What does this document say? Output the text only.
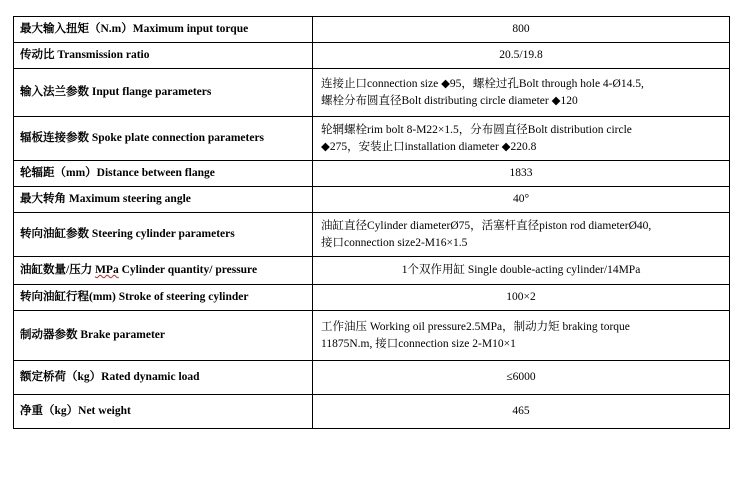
最大输入扭矩（N.m）Maximum input torque	800
传动比 Transmission ratio	20.5/19.8
输入法兰参数 Input flange parameters	连接止口connection size ◆95，螺栓过孔Bolt through hole 4-Ø14.5,
螺栓分布圆直径Bolt distributing circle diameter ◆120
辐板连接参数 Spoke plate connection parameters	轮辋螺栓rim bolt 8-M22×1.5，分布圆直径Bolt distribution circle
◆275，安装止口installation diameter ◆220.8
轮辐距（mm）Distance between flange	1833
最大转角 Maximum steering angle	40°
转向油缸参数 Steering cylinder parameters	油缸直径Cylinder diameterØ75，活塞杆直径piston rod diameterØ40,
接口connection size2-M16×1.5
油缸数量/压力 MPa Cylinder quantity/ pressure	1个双作用缸 Single double-acting cylinder/14MPa
转向油缸行程(mm) Stroke of steering cylinder	100×2
制动器参数 Brake parameter	工作油压 Working oil pressure2.5MPa，制动力矩 braking torque
11875N.m, 接口connection size 2-M10×1
额定桥荷（kg）Rated dynamic load	≤6000
净重（kg）Net weight	465
